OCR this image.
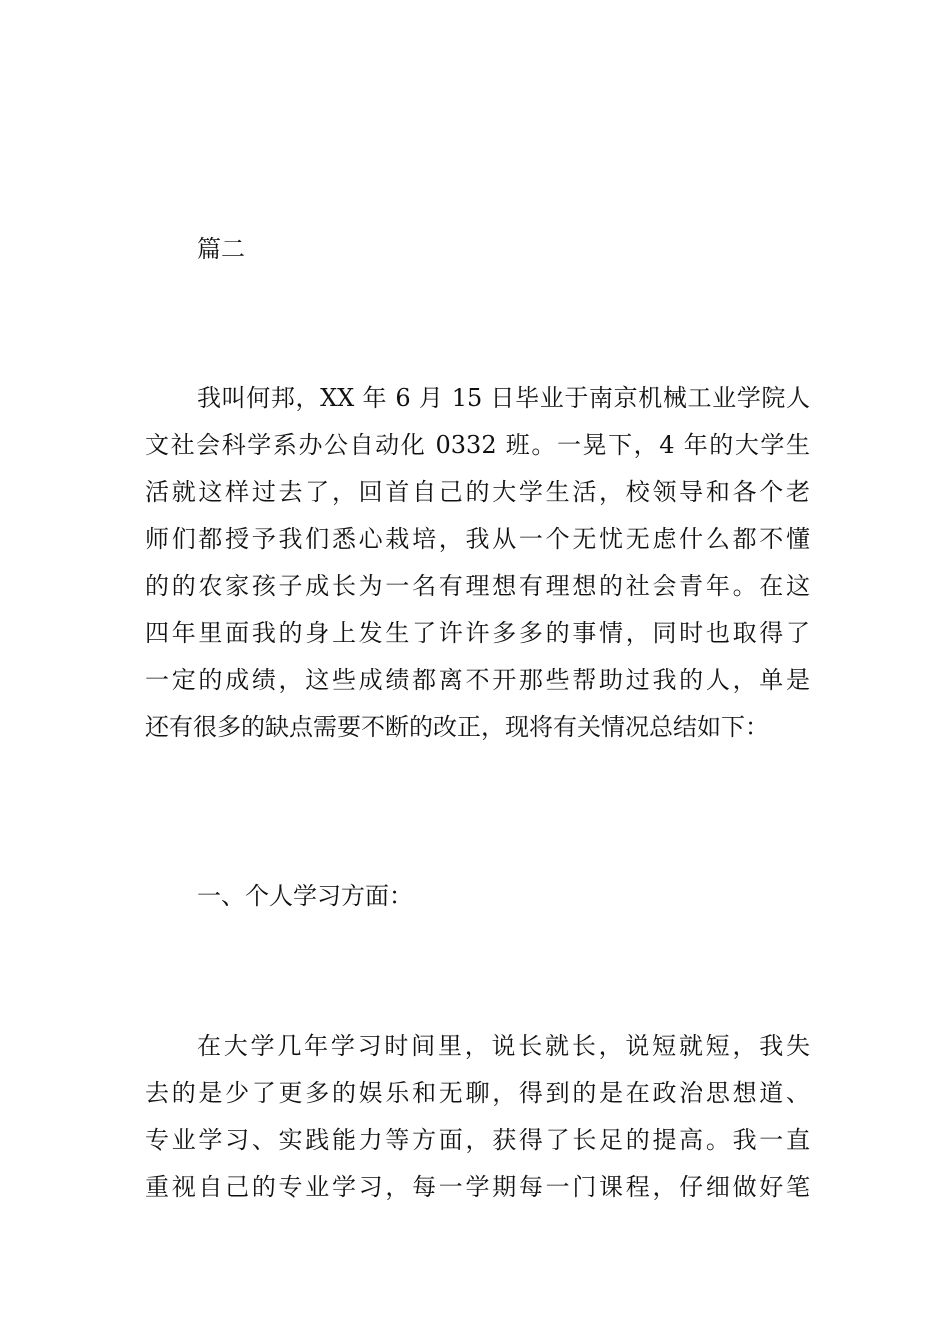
篇二
我叫何邦，XX 年 6 月 15 日毕业于南京机械工业学院人
文社会科学系办公自动化 0332 班。一晃下，4 年的大学生
活就这样过去了，回首自己的大学生活，校领导和各个老
师们都授予我们悉心栽培，我从一个无忧无虑什么都不懂
的的农家孩子成长为一名有理想有理想的社会青年。在这
四年里面我的身上发生了许许多多的事情，同时也取得了
一定的成绩，这些成绩都离不开那些帮助过我的人，单是
还有很多的缺点需要不断的改正，现将有关情况总结如下：
一、个人学习方面：
在大学几年学习时间里，说长就长，说短就短，我失
去的是少了更多的娱乐和无聊，得到的是在政治思想道、
专业学习、实践能力等方面，获得了长足的提高。我一直
重视自己的专业学习，每一学期每一门课程，仔细做好笔
